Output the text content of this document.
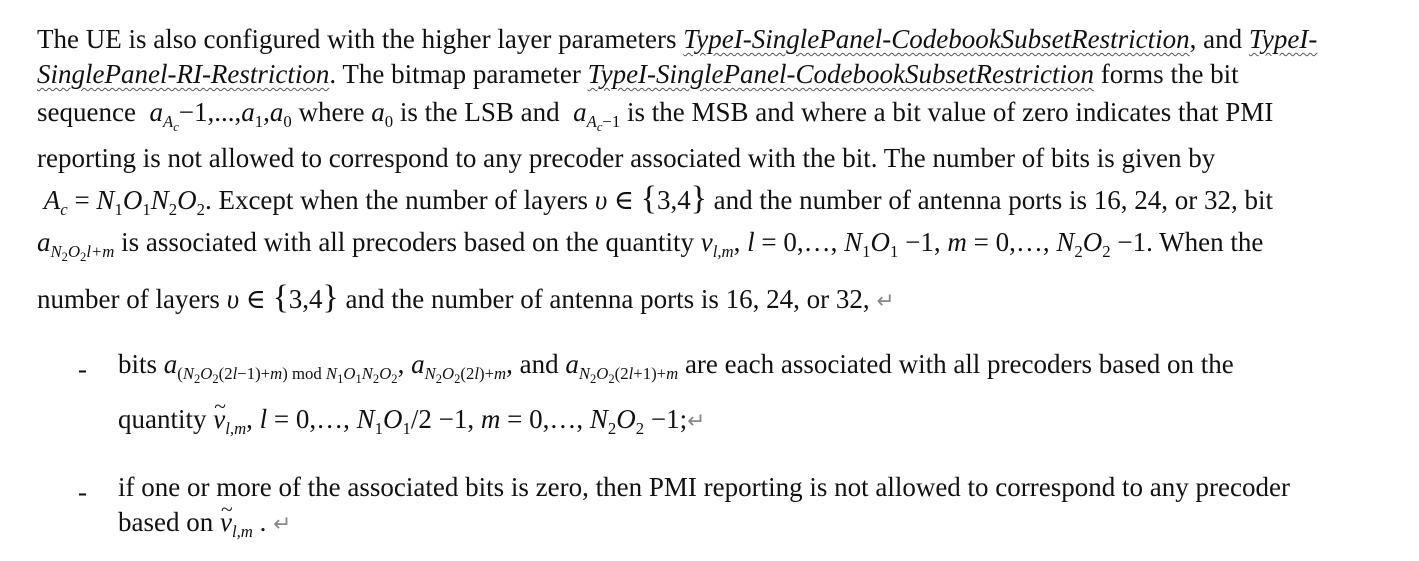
The UE is also configured with the higher layer parameters TypeI-SinglePanel-CodebookSubsetRestriction, and TypeI-
SinglePanel-RI-Restriction. The bitmap parameter TypeI-SinglePanel-CodebookSubsetRestriction forms the bit
sequence  $a_{A_c}-1,...,a_1,a_0$ where $a_0$ is the LSB and  $a_{A_c-1}$ is the MSB and where a bit value of zero indicates that PMI
reporting is not allowed to correspond to any precoder associated with the bit. The number of bits is given by
$A_c = N_1O_1N_2O_2$. Except when the number of layers υ ∈ {3,4} and the number of antenna ports is 16, 24, or 32, bit
$a_{N_2O_2l+m}$ is associated with all precoders based on the quantity $v_{l,m}$, l = 0,…, $N_1O_1 -1$, m = 0,…, $N_2O_2 -1$. When the
number of layers υ ∈ {3,4} and the number of antenna ports is 16, 24, or 32, ↵
- bits $a_{(N_2O_2(2l-1)+m) mod N_1O_1N_2O_2}$, $a_{N_2O_2(2l)+m}$, and $a_{N_2O_2(2l+1)+m}$ are each associated with all precoders based on the
quantity ~ $v_{l,m}$, l = 0,…, $N_1O_1/2 -1$, m = 0,…, $N_2O_2$ −1;↵
- if one or more of the associated bits is zero, then PMI reporting is not allowed to correspond to any precoder
based on ~ $v_{l,m}$ . ↵
